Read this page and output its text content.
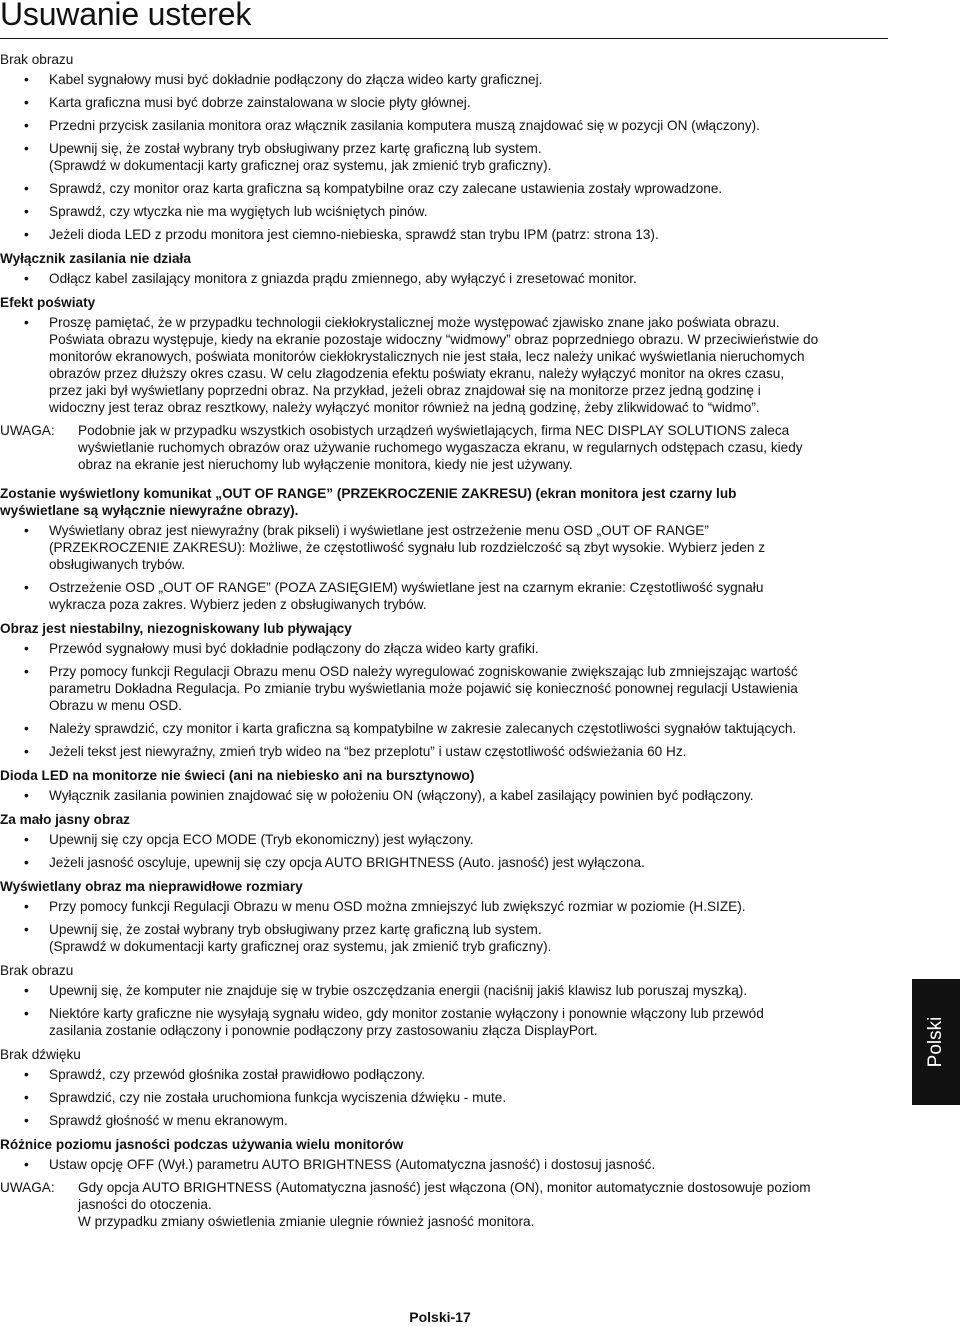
Usuwanie usterek
Brak obrazu
• Kabel sygnałowy musi być dokładnie podłączony do złącza wideo karty graficznej.
• Karta graficzna musi być dobrze zainstalowana w slocie płyty głównej.
• Przedni przycisk zasilania monitora oraz włącznik zasilania komputera muszą znajdować się w pozycji ON (włączony).
• Upewnij się, że został wybrany tryb obsługiwany przez kartę graficzną lub system.
(Sprawdź w dokumentacji karty graficznej oraz systemu, jak zmienić tryb graficzny).
• Sprawdź, czy monitor oraz karta graficzna są kompatybilne oraz czy zalecane ustawienia zostały wprowadzone.
• Sprawdź, czy wtyczka nie ma wygiętych lub wciśniętych pinów.
• Jeżeli dioda LED z przodu monitora jest ciemno-niebieska, sprawdź stan trybu IPM (patrz: strona 13).
Wyłącznik zasilania nie działa
• Odłącz kabel zasilający monitora z gniazda prądu zmiennego, aby wyłączyć i zresetować monitor.
Efekt poświaty
• Proszę pamiętać, że w przypadku technologii ciekłokrystalicznej może występować zjawisko znane jako poświata obrazu.
Poświata obrazu występuje, kiedy na ekranie pozostaje widoczny “widmowy” obraz poprzedniego obrazu. W przeciwieństwie do
monitorów ekranowych, poświata monitorów ciekłokrystalicznych nie jest stała, lecz należy unikać wyświetlania nieruchomych
obrazów przez dłuższy okres czasu. W celu złagodzenia efektu poświaty ekranu, należy wyłączyć monitor na okres czasu,
przez jaki był wyświetlany poprzedni obraz. Na przykład, jeżeli obraz znajdował się na monitorze przez jedną godzinę i
widoczny jest teraz obraz resztkowy, należy wyłączyć monitor również na jedną godzinę, żeby zlikwidować to “widmo”.
UWAGA: Podobnie jak w przypadku wszystkich osobistych urządzeń wyświetlających, firma NEC DISPLAY SOLUTIONS zaleca
wyświetlanie ruchomych obrazów oraz używanie ruchomego wygaszacza ekranu, w regularnych odstępach czasu, kiedy
obraz na ekranie jest nieruchomy lub wyłączenie monitora, kiedy nie jest używany.
Zostanie wyświetlony komunikat „OUT OF RANGE” (PRZEKROCZENIE ZAKRESU) (ekran monitora jest czarny lub
wyświetlane są wyłącznie niewyraźne obrazy).
• Wyświetlany obraz jest niewyraźny (brak pikseli) i wyświetlane jest ostrzeżenie menu OSD „OUT OF RANGE”
(PRZEKROCZENIE ZAKRESU): Możliwe, że częstotliwość sygnału lub rozdzielczość są zbyt wysokie. Wybierz jeden z
obsługiwanych trybów.
• Ostrzeżenie OSD „OUT OF RANGE” (POZA ZASIĘGIEM) wyświetlane jest na czarnym ekranie: Częstotliwość sygnału
wykracza poza zakres. Wybierz jeden z obsługiwanych trybów.
Obraz jest niestabilny, niezogniskowany lub pływający
• Przewód sygnałowy musi być dokładnie podłączony do złącza wideo karty grafiki.
• Przy pomocy funkcji Regulacji Obrazu menu OSD należy wyregulować zogniskowanie zwiększając lub zmniejszając wartość
parametru Dokładna Regulacja. Po zmianie trybu wyświetlania może pojawić się konieczność ponownej regulacji Ustawienia
Obrazu w menu OSD.
• Należy sprawdzić, czy monitor i karta graficzna są kompatybilne w zakresie zalecanych częstotliwości sygnałów taktujących.
• Jeżeli tekst jest niewyraźny, zmień tryb wideo na “bez przeplotu” i ustaw częstotliwość odświeżania 60 Hz.
Dioda LED na monitorze nie świeci (ani na niebiesko ani na bursztynowo)
• Wyłącznik zasilania powinien znajdować się w położeniu ON (włączony), a kabel zasilający powinien być podłączony.
Za mało jasny obraz
• Upewnij się czy opcja ECO MODE (Tryb ekonomiczny) jest wyłączony.
• Jeżeli jasność oscyluje, upewnij się czy opcja AUTO BRIGHTNESS (Auto. jasność) jest wyłączona.
Wyświetlany obraz ma nieprawidłowe rozmiary
• Przy pomocy funkcji Regulacji Obrazu w menu OSD można zmniejszyć lub zwiększyć rozmiar w poziomie (H.SIZE).
• Upewnij się, że został wybrany tryb obsługiwany przez kartę graficzną lub system.
(Sprawdź w dokumentacji karty graficznej oraz systemu, jak zmienić tryb graficzny).
Brak obrazu
• Upewnij się, że komputer nie znajduje się w trybie oszczędzania energii (naciśnij jakiś klawisz lub poruszaj myszką).
• Niektóre karty graficzne nie wysyłają sygnału wideo, gdy monitor zostanie wyłączony i ponownie włączony lub przewód
zasilania zostanie odłączony i ponownie podłączony przy zastosowaniu złącza DisplayPort.
Brak dźwięku
• Sprawdź, czy przewód głośnika został prawidłowo podłączony.
• Sprawdzić, czy nie została uruchomiona funkcja wyciszenia dźwięku - mute.
• Sprawdź głośność w menu ekranowym.
Różnice poziomu jasności podczas używania wielu monitorów
• Ustaw opcję OFF (Wył.) parametru AUTO BRIGHTNESS (Automatyczna jasność) i dostosuj jasność.
UWAGA: Gdy opcja AUTO BRIGHTNESS (Automatyczna jasność) jest włączona (ON), monitor automatycznie dostosowuje poziom
jasności do otoczenia.
W przypadku zmiany oświetlenia zmianie ulegnie również jasność monitora.
Polski
Polski-17
